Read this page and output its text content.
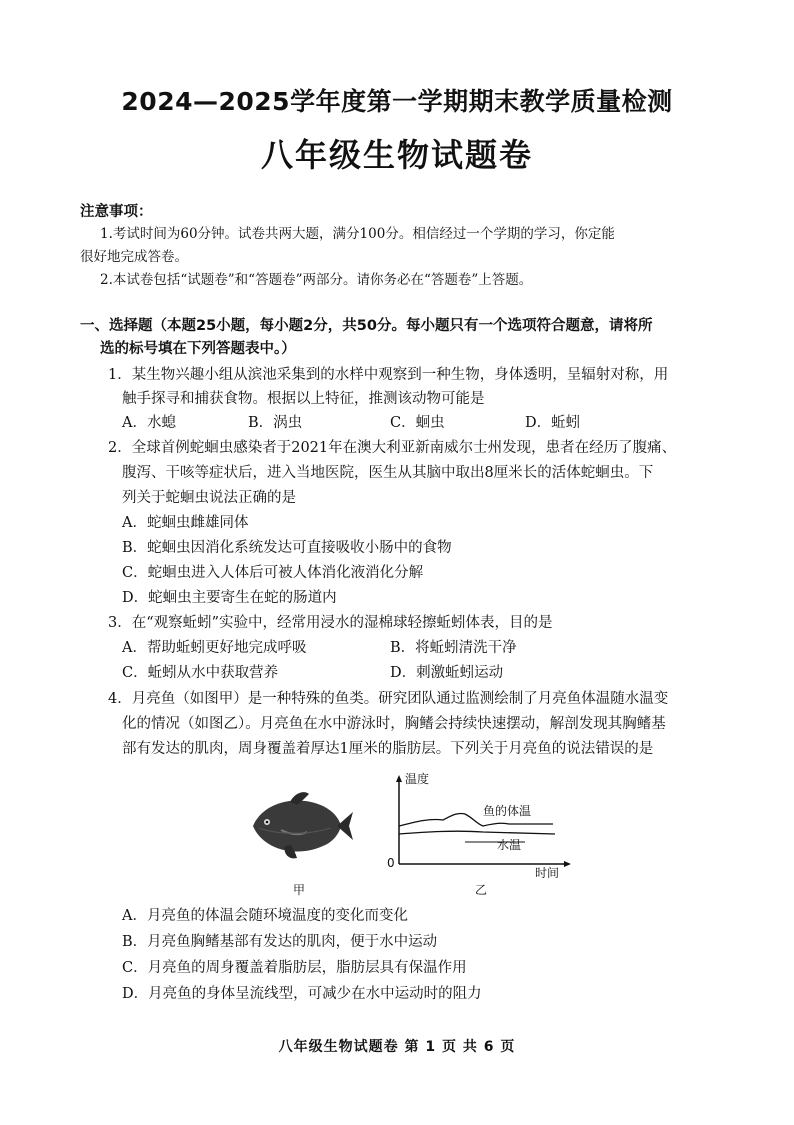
2024—2025学年度第一学期期末教学质量检测
八年级生物试题卷
注意事项：
1.考试时间为60分钟。试卷共两大题，满分100分。相信经过一个学期的学习，你定能
很好地完成答卷。
2.本试卷包括“试题卷”和“答题卷”两部分。请你务必在“答题卷”上答题。
一、选择题（本题25小题，每小题2分，共50分。每小题只有一个选项符合题意，请将所
选的标号填在下列答题表中。）
1．某生物兴趣小组从滨池采集到的水样中观察到一种生物，身体透明，呈辐射对称，用
触手探寻和捕获食物。根据以上特征，推测该动物可能是
A．水螅	B．涡虫	C．蛔虫	D．蚯蚓
2．全球首例蛇蛔虫感染者于2021年在澳大利亚新南威尔士州发现，患者在经历了腹痛、
腹泻、干咳等症状后，进入当地医院，医生从其脑中取出8厘米长的活体蛇蛔虫。下
列关于蛇蛔虫说法正确的是
A．蛇蛔虫雌雄同体
B．蛇蛔虫因消化系统发达可直接吸收小肠中的食物
C．蛇蛔虫进入人体后可被人体消化液消化分解
D．蛇蛔虫主要寄生在蛇的肠道内
3．在“观察蚯蚓”实验中，经常用浸水的湿棉球轻擦蚯蚓体表，目的是
A．帮助蚯蚓更好地完成呼吸	B．将蚯蚓清洗干净
C．蚯蚓从水中获取营养	D．刺激蚯蚓运动
4．月亮鱼（如图甲）是一种特殊的鱼类。研究团队通过监测绘制了月亮鱼体温随水温变
化的情况（如图乙）。月亮鱼在水中游泳时，胸鳍会持续快速摆动，解剖发现其胸鳍基
部有发达的肌肉，周身覆盖着厚达1厘米的脂肪层。下列关于月亮鱼的说法错误的是
甲
温度
鱼的体温
水温
0
时间
乙
A．月亮鱼的体温会随环境温度的变化而变化
B．月亮鱼胸鳍基部有发达的肌肉，便于水中运动
C．月亮鱼的周身覆盖着脂肪层，脂肪层具有保温作用
D．月亮鱼的身体呈流线型，可减少在水中运动时的阻力
八年级生物试题卷 第 1 页 共 6 页
